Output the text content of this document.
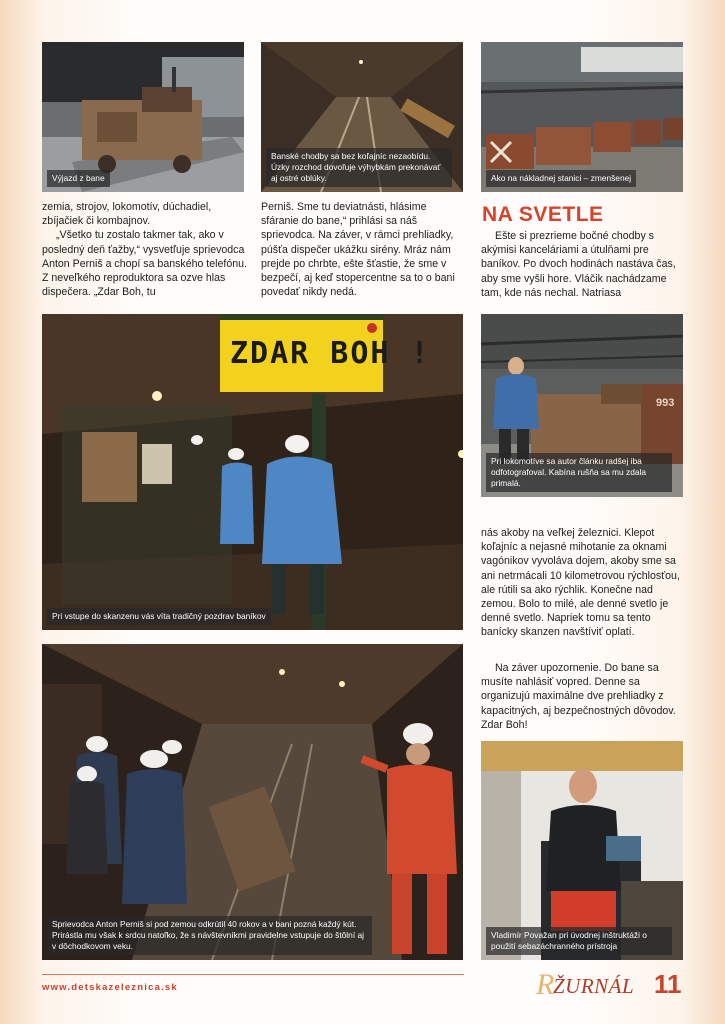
Výjazd z bane
Banské chodby sa bez koľajníc nezaobídu. Úzky rozchod dovoľuje výhybkám prekonávať aj ostré oblúky.	Ako na nákladnej stanici – zmenšenej

zemia, strojov, lokomotív, dúchadiel, zbíjačiek či kombajnov.

„Všetko tu zostalo takmer tak, ako v posledný deň ťažby,“ vysvetľuje sprievodca Anton Perniš a chopí sa banského telefónu. Z neveľkého reproduktora sa ozve hlas dispečera. „Zdar Boh, tu

Perniš. Sme tu deviatnásti, hlásime sfáranie do bane,“ prihlási sa náš sprievodca. Na záver, v rámci prehliadky, púšťa dispečer ukážku sirény. Mráz nám prejde po chrbte, ešte šťastie, že sme v bezpečí, aj keď stopercentne sa to o bani povedať nikdy nedá.

NA SVETLE

Ešte si prezrieme bočné chodby s akýmisi kanceláriami a útulňami pre baníkov. Po dvoch hodinách nastáva čas, aby sme vyšli hore. Vláčik nachádzame tam, kde nás nechal. Natriasa

ZDAR BOH !
Pri vstupe do skanzenu vás víta tradičný pozdrav baníkov
993
Pri lokomotíve sa autor článku radšej iba odfotografoval. Kabína rušňa sa mu zdala primalá.

nás akoby na veľkej železnici. Klepot koľajníc a nejasné mihotanie za oknami vagónikov vyvoláva dojem, akoby sme sa ani netrmácali 10 kilometrovou rýchlosťou, ale rútili sa ako rýchlik. Konečne nad zemou. Bolo to milé, ale denné svetlo je denné svetlo. Napriek tomu sa tento banícky skanzen navštíviť oplatí.

Na záver upozornenie. Do bane sa musíte nahlásiť vopred. Denne sa organizujú maximálne dve prehliadky z kapacitných, aj bezpečnostných dôvodov. Zdar Boh!

Sprievodca Anton Perniš si pod zemou odkrútil 40 rokov a v bani pozná každý kút. Prirástla mu však k srdcu natoľko, že s návštevníkmi pravidelne vstupuje do štôlní aj v dôchodkovom veku.
Vladimír Považan pri úvodnej inštruktáži o použití sebazáchranného prístroja
www.detskazeleznica.sk	R
ŽURNÁL 11
